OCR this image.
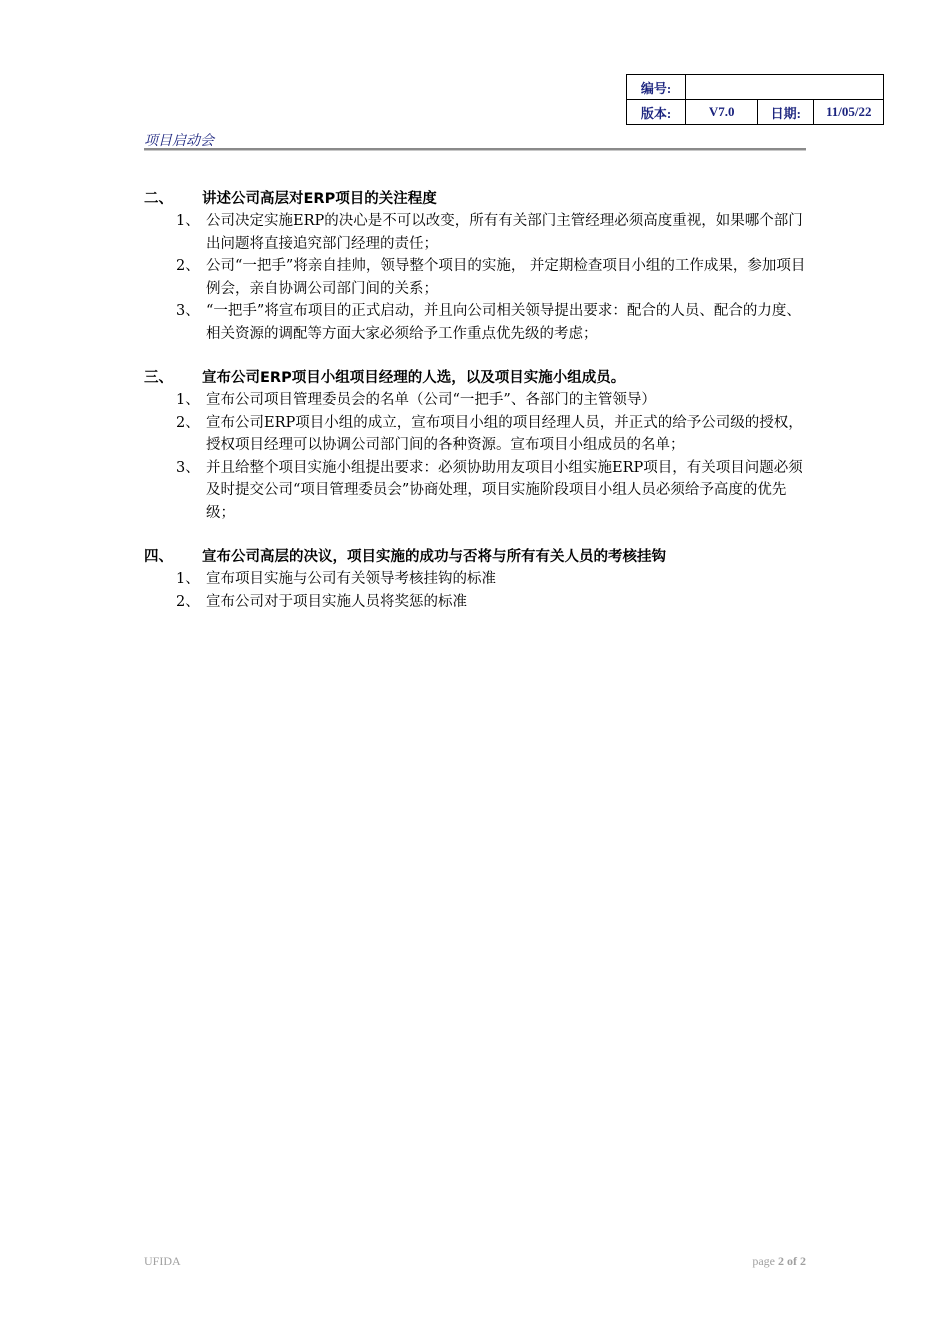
编号:			
版本:	V7.0	日期:	11/05/22
项目启动会
二、	讲述公司高层对ERP项目的关注程度
1、 公司决定实施ERP的决心是不可以改变，所有有关部门主管经理必须高度重视，如果哪个部门出问题将直接追究部门经理的责任；
2、 公司“一把手”将亲自挂帅，领导整个项目的实施， 并定期检查项目小组的工作成果，参加项目例会，亲自协调公司部门间的关系；
3、 “一把手”将宣布项目的正式启动，并且向公司相关领导提出要求：配合的人员、配合的力度、相关资源的调配等方面大家必须给予工作重点优先级的考虑；
三、	宣布公司ERP项目小组项目经理的人选，以及项目实施小组成员。
1、 宣布公司项目管理委员会的名单（公司“一把手”、各部门的主管领导）
2、 宣布公司ERP项目小组的成立，宣布项目小组的项目经理人员，并正式的给予公司级的授权，授权项目经理可以协调公司部门间的各种资源。宣布项目小组成员的名单；
3、 并且给整个项目实施小组提出要求：必须协助用友项目小组实施ERP项目，有关项目问题必须及时提交公司“项目管理委员会”协商处理，项目实施阶段项目小组人员必须给予高度的优先级；
四、	宣布公司高层的决议，项目实施的成功与否将与所有有关人员的考核挂钩
1、 宣布项目实施与公司有关领导考核挂钩的标准
2、 宣布公司对于项目实施人员将奖惩的标准
UFIDA	page 2 of 2
